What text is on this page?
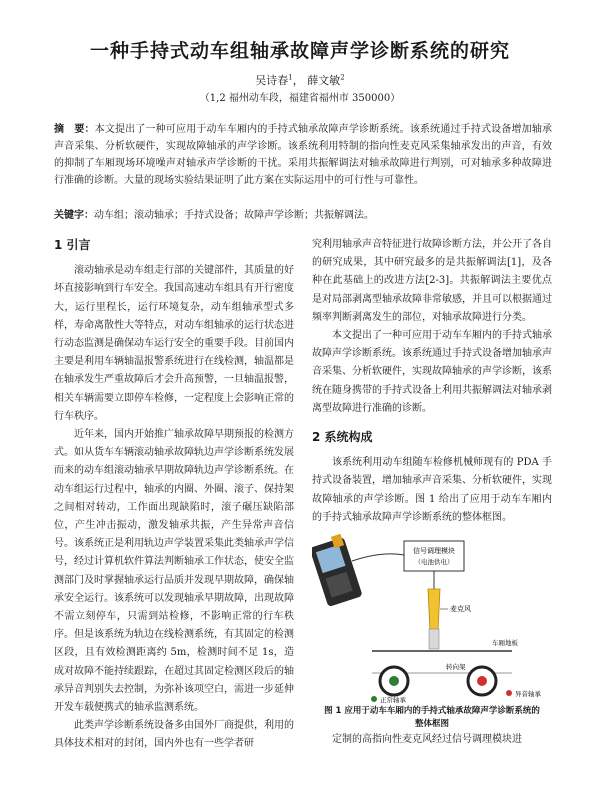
一种手持式动车组轴承故障声学诊断系统的研究
吴诗春$^1$， 薛文敏$^2$
（1,2 福州动车段，福建省福州市 350000）
摘　要：本文提出了一种可应用于动车车厢内的手持式轴承故障声学诊断系统。该系统通过手持式设备增加轴承声音采集、分析软硬件，实现故障轴承的声学诊断。该系统利用特制的指向性麦克风采集轴承发出的声音，有效的抑制了车厢现场环境噪声对轴承声学诊断的干扰。采用共振解调法对轴承故障进行判别，可对轴承多种故障进行准确的诊断。大量的现场实验结果证明了此方案在实际运用中的可行性与可靠性。
关键字：动车组；滚动轴承；手持式设备；故障声学诊断；共振解调法。
1 引言

滚动轴承是动车组走行部的关键部件，其质量的好坏直接影响到行车安全。我国高速动车组具有开行密度大，运行里程长，运行环境复杂，动车组轴承型式多样，寿命离散性大等特点，对动车组轴承的运行状态进行动态监测是确保动车运行安全的重要手段。目前国内主要是利用车辆轴温报警系统进行在线检测，轴温都是在轴承发生严重故障后才会升高预警，一旦轴温报警，相关车辆需要立即停车检修，一定程度上会影响正常的行车秩序。

近年来，国内开始推广轴承故障早期预报的检测方式。如从货车车辆滚动轴承故障轨边声学诊断系统发展而来的动车组滚动轴承早期故障轨边声学诊断系统。在动车组运行过程中，轴承的内圈、外圈、滚子、保持架之间相对转动，工作面出现缺陷时，滚子碾压缺陷部位，产生冲击振动，激发轴承共振，产生异常声音信号。该系统正是利用轨边声学装置采集此类轴承声学信号，经过计算机软件算法判断轴承工作状态，使安全监测部门及时掌握轴承运行品质并发现早期故障，确保轴承安全运行。该系统可以发现轴承早期故障，出现故障不需立刻停车，只需到站检修，不影响正常的行车秩序。但是该系统为轨边在线检测系统，有其固定的检测区段，且有效检测距离约 5m，检测时间不足 1s，造成对故障不能持续跟踪，在超过其固定检测区段后的轴承异音判别失去控制，为弥补该项空白，需进一步延伸开发车载便携式的轴承监测系统。

此类声学诊断系统设备多由国外厂商提供，利用的具体技术相对的封闭，国内外也有一些学者研

究利用轴承声音特征进行故障诊断方法，并公开了各自的研究成果，其中研究最多的是共振解调法[1]，及各种在此基础上的改进方法[2-3]。共振解调法主要优点是对局部剥离型轴承故障非常敏感，并且可以根据通过频率判断剥离发生的部位，对轴承故障进行分类。

本文提出了一种可应用于动车车厢内的手持式轴承故障声学诊断系统。该系统通过手持式设备增加轴承声音采集、分析软硬件，实现故障轴承的声学诊断，该系统在随身携带的手持式设备上利用共振解调法对轴承剥离型故障进行准确的诊断。

2 系统构成

该系统利用动车组随车检修机械师现有的 PDA 手持式设备装置，增加轴承声音采集、分析软硬件，实现故障轴承的声学诊断。图 1 给出了应用于动车车厢内的手持式轴承故障声学诊断系统的整体框图。

信号调理模块
（电池供电）
麦克风
车厢地板
转向架
异音轴承
正常轴承
图 1 应用于动车车厢内的手持式轴承故障声学诊断系统的
整体框图

定制的高指向性麦克风经过信号调理模块进
